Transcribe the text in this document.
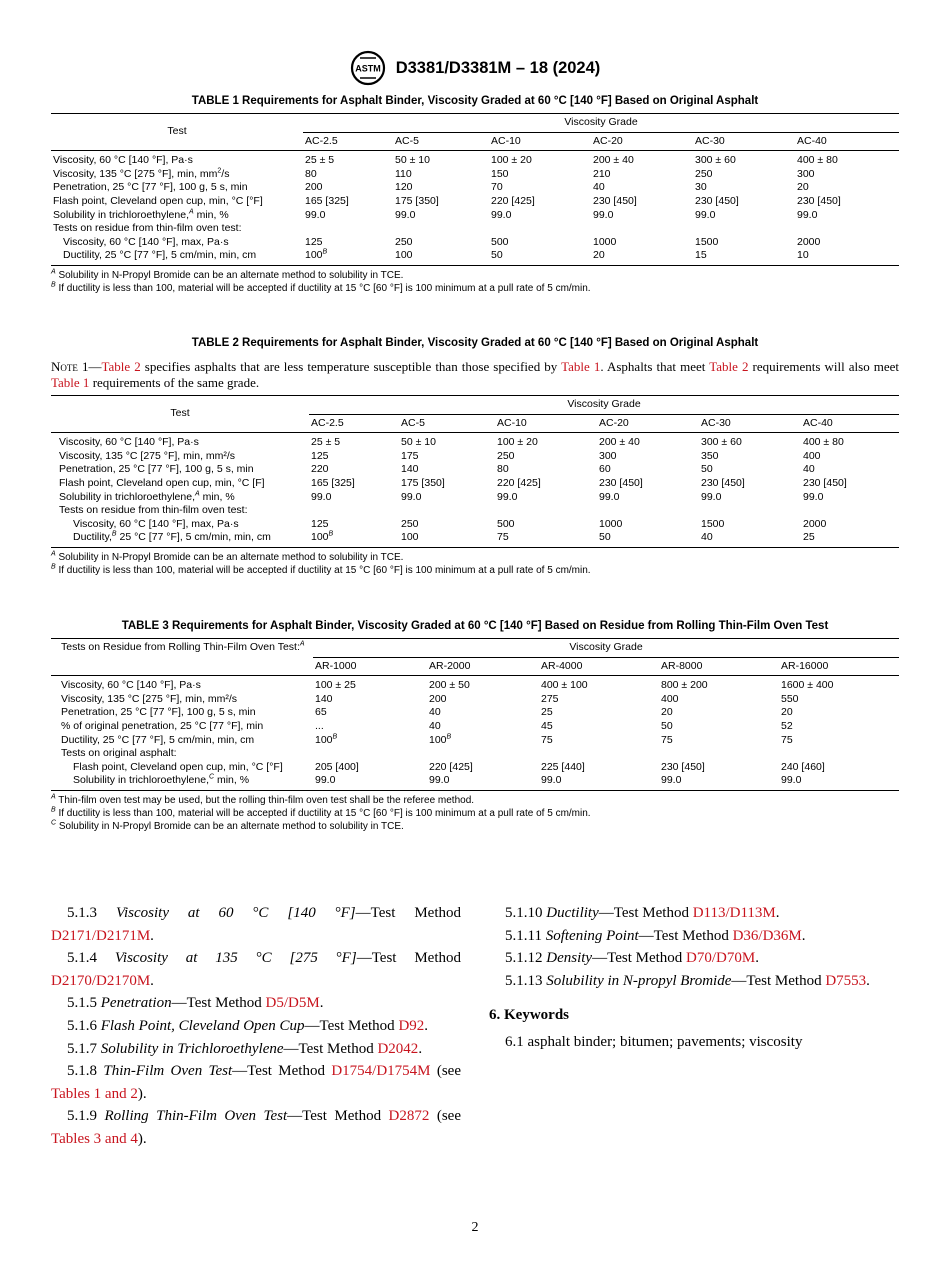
ASTM D3381/D3381M – 18 (2024)
TABLE 1 Requirements for Asphalt Binder, Viscosity Graded at 60 °C [140 °F] Based on Original Asphalt
Test	Viscosity Grade					
	AC-2.5	AC-5	AC-10	AC-20	AC-30	AC-40
Viscosity, 60 °C [140 °F], Pa·s	25 ± 5	50 ± 10	100 ± 20	200 ± 40	300 ± 60	400 ± 80
Viscosity, 135 °C [275 °F], min, $mm^2/s$	80	110	150	210	250	300
Penetration, 25 °C [77 °F], 100 g, 5 s, min	200	120	70	40	30	20
Flash point, Cleveland open cup, min, °C [°F]	165 [325]	175 [350]	220 [425]	230 [450]	230 [450]	230 [450]
Solubility in trichloroethylene,$^A$ min, %	99.0	99.0	99.0	99.0	99.0	99.0
Tests on residue from thin-film oven test:						
Viscosity, 60 °C [140 °F], max, Pa·s	125	250	500	1000	1500	2000
Ductility, 25 °C [77 °F], 5 cm/min, min, cm	$100^B$	100	50	20	15	10
$^A$ Solubility in N-Propyl Bromide can be an alternate method to solubility in TCE.
$^B$ If ductility is less than 100, material will be accepted if ductility at 15 °C [60 °F] is 100 minimum at a pull rate of 5 cm/min.
TABLE 2 Requirements for Asphalt Binder, Viscosity Graded at 60 °C [140 °F] Based on Original Asphalt
Note 1—Table 2 specifies asphalts that are less temperature susceptible than those specified by Table 1. Asphalts that meet Table 2 requirements will also meet Table 1 requirements of the same grade.
Test	Viscosity Grade					
	AC-2.5	AC-5	AC-10	AC-20	AC-30	AC-40
Viscosity, 60 °C [140 °F], Pa·s	25 ± 5	50 ± 10	100 ± 20	200 ± 40	300 ± 60	400 ± 80
Viscosity, 135 °C [275 °F], min, mm²/s	125	175	250	300	350	400
Penetration, 25 °C [77 °F], 100 g, 5 s, min	220	140	80	60	50	40
Flash point, Cleveland open cup, min, °C [F]	165 [325]	175 [350]	220 [425]	230 [450]	230 [450]	230 [450]
Solubility in trichloroethylene,$^A$ min, %	99.0	99.0	99.0	99.0	99.0	99.0
Tests on residue from thin-film oven test:						
Viscosity, 60 °C [140 °F], max, Pa·s	125	250	500	1000	1500	2000
Ductility,$^B$ 25 °C [77 °F], 5 cm/min, min, cm	$100^B$	100	75	50	40	25
$^A$ Solubility in N-Propyl Bromide can be an alternate method to solubility in TCE.
$^B$ If ductility is less than 100, material will be accepted if ductility at 15 °C [60 °F] is 100 minimum at a pull rate of 5 cm/min.
TABLE 3 Requirements for Asphalt Binder, Viscosity Graded at 60 °C [140 °F] Based on Residue from Rolling Thin-Film Oven Test
Tests on Residue from Rolling Thin-Film Oven Test:$^A$	Viscosity Grade				
	AR-1000	AR-2000	AR-4000	AR-8000	AR-16000
Viscosity, 60 °C [140 °F], Pa·s	100 ± 25	200 ± 50	400 ± 100	800 ± 200	1600 ± 400
Viscosity, 135 °C [275 °F], min, mm²/s	140	200	275	400	550
Penetration, 25 °C [77 °F], 100 g, 5 s, min	65	40	25	20	20
% of original penetration, 25 °C [77 °F], min	...	40	45	50	52
Ductility, 25 °C [77 °F], 5 cm/min, min, cm	$100^B$	$100^B$	75	75	75
Tests on original asphalt:					
Flash point, Cleveland open cup, min, °C [°F]	205 [400]	220 [425]	225 [440]	230 [450]	240 [460]
Solubility in trichloroethylene,$^C$ min, %	99.0	99.0	99.0	99.0	99.0
$^A$ Thin-film oven test may be used, but the rolling thin-film oven test shall be the referee method.
$^B$ If ductility is less than 100, material will be accepted if ductility at 15 °C [60 °F] is 100 minimum at a pull rate of 5 cm/min.
$^C$ Solubility in N-Propyl Bromide can be an alternate method to solubility in TCE.

5.1.3 Viscosity at 60 °C [140 °F]—Test Method D2171/D2171M.

5.1.4 Viscosity at 135 °C [275 °F]—Test Method D2170/D2170M.

5.1.5 Penetration—Test Method D5/D5M.

5.1.6 Flash Point, Cleveland Open Cup—Test Method D92.

5.1.7 Solubility in Trichloroethylene—Test Method D2042.

5.1.8 Thin-Film Oven Test—Test Method D1754/D1754M (see Tables 1 and 2).

5.1.9 Rolling Thin-Film Oven Test—Test Method D2872 (see Tables 3 and 4).

5.1.10 Ductility—Test Method D113/D113M.

5.1.11 Softening Point—Test Method D36/D36M.

5.1.12 Density—Test Method D70/D70M.

5.1.13 Solubility in N-propyl Bromide—Test Method D7553.

6. Keywords

6.1 asphalt binder; bitumen; pavements; viscosity

2
